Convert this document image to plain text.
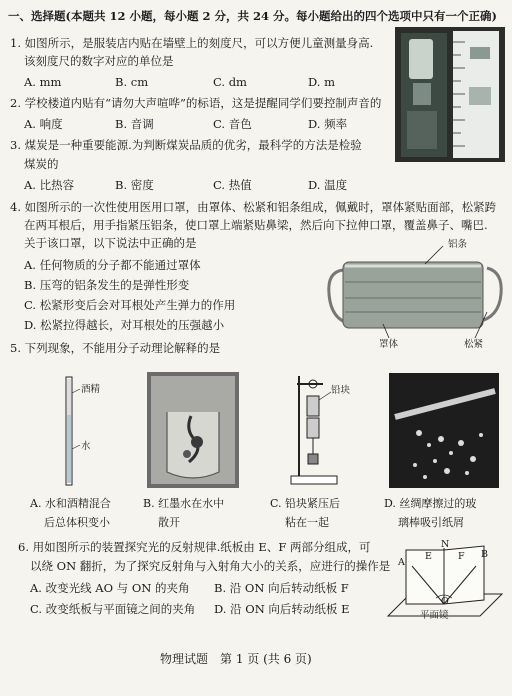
一、选择题(本题共 12 小题，每小题 2 分，共 24 分。每小题给出的四个选项中只有一个正确)
1. 如图所示，是服装店内贴在墙壁上的刻度尺，可以方便儿童测量身高.
该刻度尺的数字对应的单位是
A. mm	B. cm	C. dm	D. m
2. 学校楼道内贴有“请勿大声喧哗”的标语，这是提醒同学们要控制声音的
A. 响度	B. 音调	C. 音色	D. 频率
3. 煤炭是一种重要能源.为判断煤炭品质的优劣，最科学的方法是检验
煤炭的
A. 比热容	B. 密度	C. 热值	D. 温度
4. 如图所示的一次性使用医用口罩，由罩体、松紧和铝条组成，佩戴时，罩体紧贴面部，松紧跨
在两耳根后，用手指紧压铝条，使口罩上端紧贴鼻梁，然后向下拉伸口罩，覆盖鼻子、嘴巴.
关于该口罩，以下说法中正确的是
A. 任何物质的分子都不能通过罩体
B. 压弯的铝条发生的是弹性形变
C. 松紧形变后会对耳根处产生弹力的作用
D. 松紧拉得越长，对耳根处的压强越小
铝条
罩体	松紧
5. 下列现象，不能用分子动理论解释的是
酒精
水
铅块
A. 水和酒精混合
后总体积变小
B. 红墨水在水中
散开
C. 铅块紧压后
粘在一起
D. 丝绸摩擦过的玻
璃棒吸引纸屑
6. 用如图所示的装置探究光的反射规律.纸板由 E、F 两部分组成，可
以绕 ON 翻折，为了探究反射角与入射角大小的关系，应进行的操作是
A. 改变光线 AO 与 ON 的夹角 B. 沿 ON 向后转动纸板 F
C. 改变纸板与平面镜之间的夹角 D. 沿 ON 向后转动纸板 E
A
E
N
F B
O
平面镜
物理试题　第 1 页 (共 6 页)
